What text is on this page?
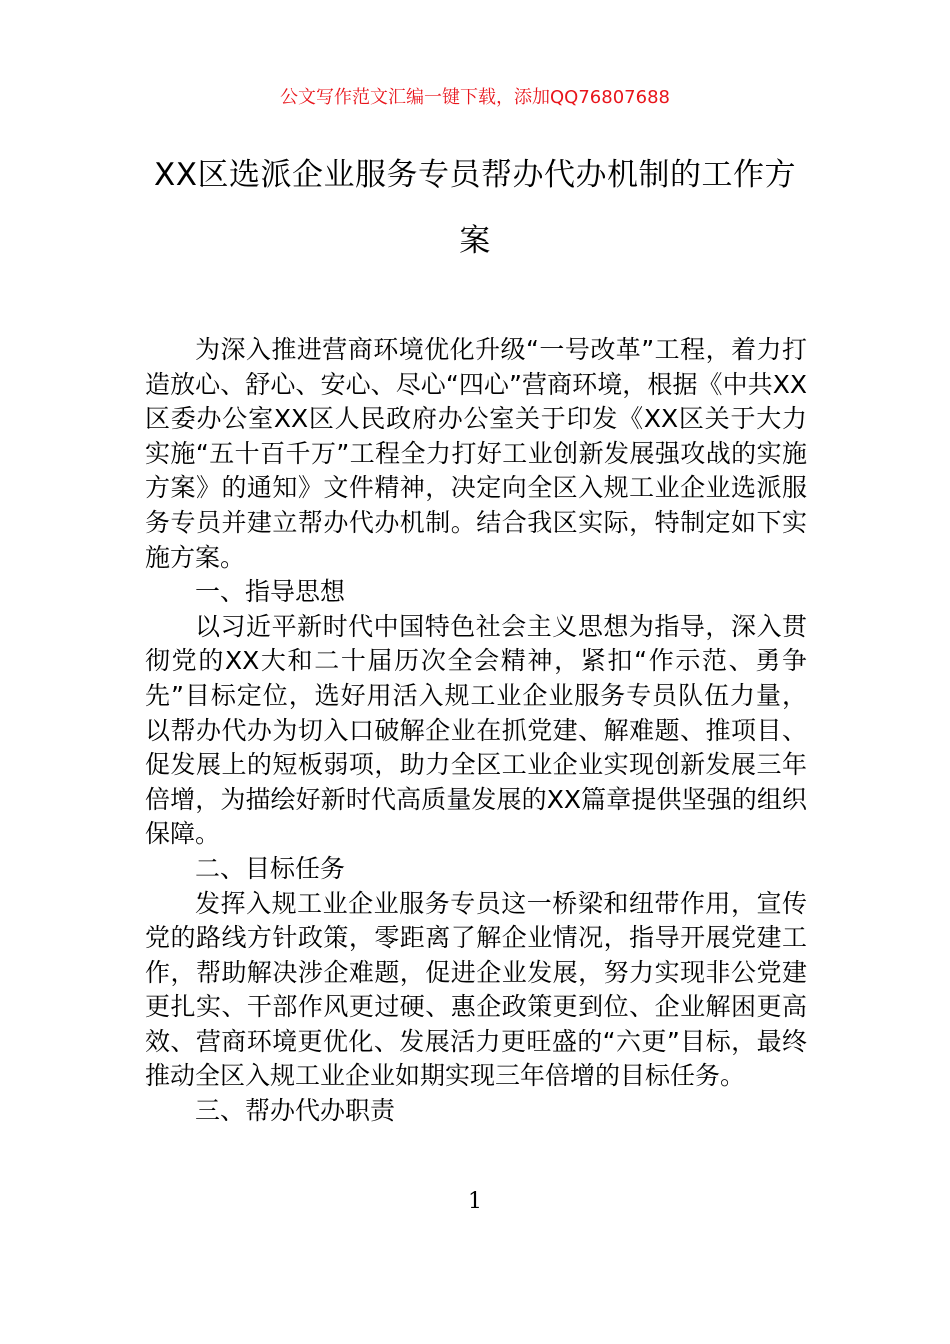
公文写作范文汇编一键下载，添加QQ76807688
XX区选派企业服务专员帮办代办机制的工作方案

为深入推进营商环境优化升级“一号改革”工程，着力打造放心、舒心、安心、尽心“四心”营商环境，根据《中共XX区委办公室XX区人民政府办公室关于印发《XX区关于大力实施“五十百千万”工程全力打好工业创新发展强攻战的实施方案》的通知》文件精神，决定向全区入规工业企业选派服务专员并建立帮办代办机制。结合我区实际，特制定如下实施方案。

一、指导思想

以习近平新时代中国特色社会主义思想为指导，深入贯彻党的XX大和二十届历次全会精神，紧扣“作示范、勇争先”目标定位，选好用活入规工业企业服务专员队伍力量，以帮办代办为切入口破解企业在抓党建、解难题、推项目、促发展上的短板弱项，助力全区工业企业实现创新发展三年倍增，为描绘好新时代高质量发展的XX篇章提供坚强的组织保障。

二、目标任务

发挥入规工业企业服务专员这一桥梁和纽带作用，宣传党的路线方针政策，零距离了解企业情况，指导开展党建工作，帮助解决涉企难题，促进企业发展，努力实现非公党建更扎实、干部作风更过硬、惠企政策更到位、企业解困更高效、营商环境更优化、发展活力更旺盛的“六更”目标，最终推动全区入规工业企业如期实现三年倍增的目标任务。

三、帮办代办职责

1
